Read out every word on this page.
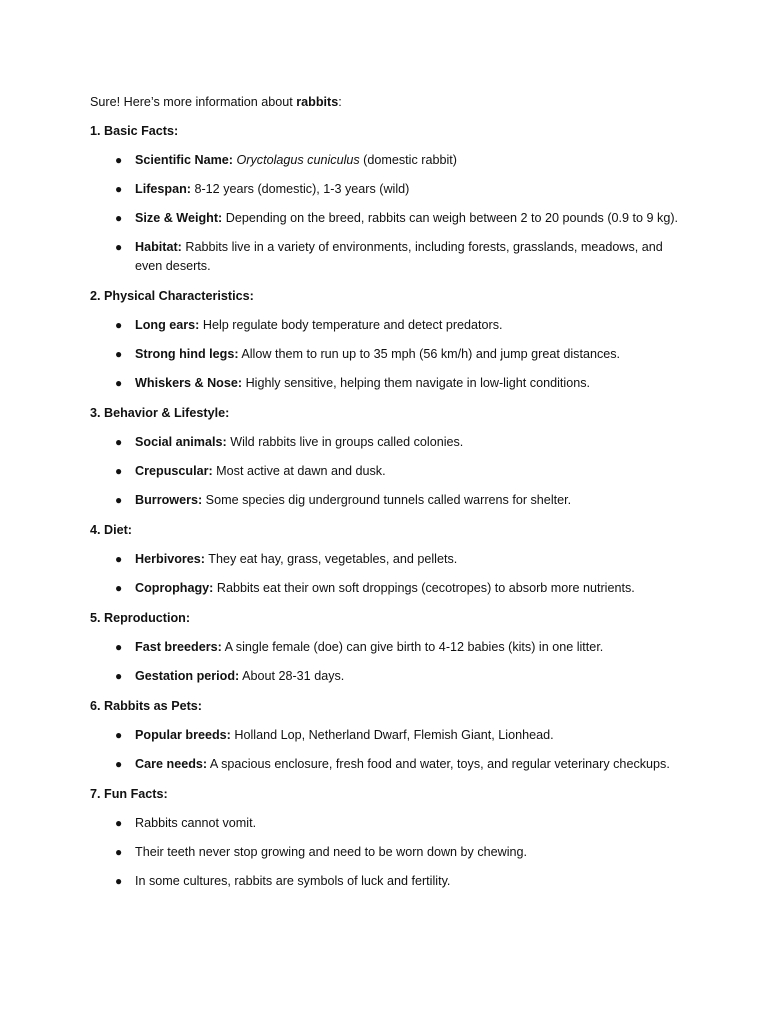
Sure! Here’s more information about rabbits:

1. Basic Facts:
● Scientific Name: Oryctolagus cuniculus (domestic rabbit)
● Lifespan: 8-12 years (domestic), 1-3 years (wild)
● Size & Weight: Depending on the breed, rabbits can weigh between 2 to 20 pounds (0.9 to 9 kg).
● Habitat: Rabbits live in a variety of environments, including forests, grasslands, meadows, and even deserts.
2. Physical Characteristics:
● Long ears: Help regulate body temperature and detect predators.
● Strong hind legs: Allow them to run up to 35 mph (56 km/h) and jump great distances.
● Whiskers & Nose: Highly sensitive, helping them navigate in low-light conditions.
3. Behavior & Lifestyle:
● Social animals: Wild rabbits live in groups called colonies.
● Crepuscular: Most active at dawn and dusk.
● Burrowers: Some species dig underground tunnels called warrens for shelter.
4. Diet:
● Herbivores: They eat hay, grass, vegetables, and pellets.
● Coprophagy: Rabbits eat their own soft droppings (cecotropes) to absorb more nutrients.
5. Reproduction:
● Fast breeders: A single female (doe) can give birth to 4-12 babies (kits) in one litter.
● Gestation period: About 28-31 days.
6. Rabbits as Pets:
● Popular breeds: Holland Lop, Netherland Dwarf, Flemish Giant, Lionhead.
● Care needs: A spacious enclosure, fresh food and water, toys, and regular veterinary checkups.
7. Fun Facts:
● Rabbits cannot vomit.
● Their teeth never stop growing and need to be worn down by chewing.
● In some cultures, rabbits are symbols of luck and fertility.
